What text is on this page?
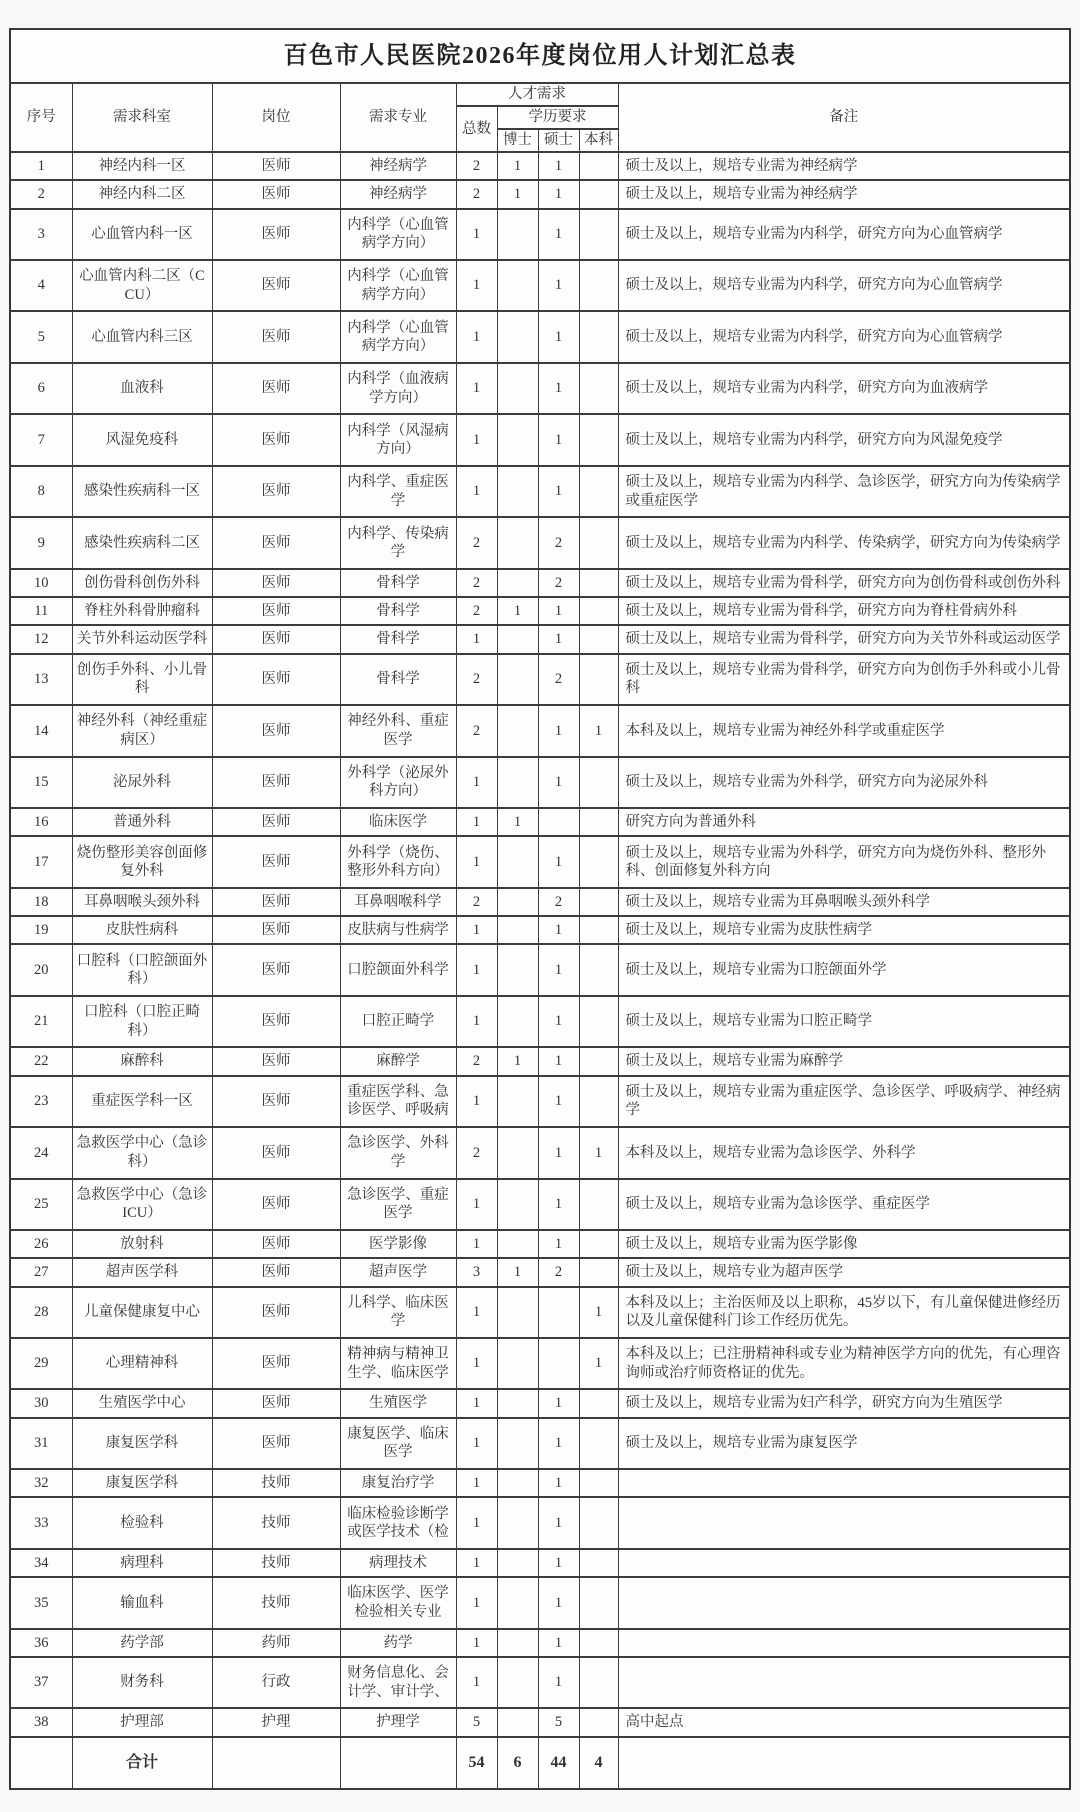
百色市人民医院2026年度岗位用人计划汇总表								
序号	需求科室	岗位	需求专业	人才需求				备注
				总数	学历要求			
					博士	硕士	本科	
1	神经内科一区	医师	神经病学	2	1	1		硕士及以上，规培专业需为神经病学
2	神经内科二区	医师	神经病学	2	1	1		硕士及以上，规培专业需为神经病学
3	心血管内科一区	医师	内科学（心血管病学方向）	1		1		硕士及以上，规培专业需为内科学，研究方向为心血管病学
4	心血管内科二区（CCU）	医师	内科学（心血管病学方向）	1		1		硕士及以上，规培专业需为内科学，研究方向为心血管病学
5	心血管内科三区	医师	内科学（心血管病学方向）	1		1		硕士及以上，规培专业需为内科学，研究方向为心血管病学
6	血液科	医师	内科学（血液病学方向）	1		1		硕士及以上，规培专业需为内科学，研究方向为血液病学
7	风湿免疫科	医师	内科学（风湿病方向）	1		1		硕士及以上，规培专业需为内科学，研究方向为风湿免疫学
8	感染性疾病科一区	医师	内科学、重症医学	1		1		硕士及以上，规培专业需为内科学、急诊医学，研究方向为传染病学或重症医学
9	感染性疾病科二区	医师	内科学、传染病学	2		2		硕士及以上，规培专业需为内科学、传染病学，研究方向为传染病学
10	创伤骨科创伤外科	医师	骨科学	2		2		硕士及以上，规培专业需为骨科学，研究方向为创伤骨科或创伤外科
11	脊柱外科骨肿瘤科	医师	骨科学	2	1	1		硕士及以上，规培专业需为骨科学，研究方向为脊柱骨病外科
12	关节外科运动医学科	医师	骨科学	1		1		硕士及以上，规培专业需为骨科学，研究方向为关节外科或运动医学
13	创伤手外科、小儿骨科	医师	骨科学	2		2		硕士及以上，规培专业需为骨科学，研究方向为创伤手外科或小儿骨科
14	神经外科（神经重症病区）	医师	神经外科、重症医学	2		1	1	本科及以上，规培专业需为神经外科学或重症医学
15	泌尿外科	医师	外科学（泌尿外科方向）	1		1		硕士及以上，规培专业需为外科学，研究方向为泌尿外科
16	普通外科	医师	临床医学	1	1			研究方向为普通外科
17	烧伤整形美容创面修复外科	医师	外科学（烧伤、整形外科方向）	1		1		硕士及以上，规培专业需为外科学，研究方向为烧伤外科、整形外科、创面修复外科方向
18	耳鼻咽喉头颈外科	医师	耳鼻咽喉科学	2		2		硕士及以上，规培专业需为耳鼻咽喉头颈外科学
19	皮肤性病科	医师	皮肤病与性病学	1		1		硕士及以上，规培专业需为皮肤性病学
20	口腔科（口腔颌面外科）	医师	口腔颌面外科学	1		1		硕士及以上，规培专业需为口腔颌面外学
21	口腔科（口腔正畸科）	医师	口腔正畸学	1		1		硕士及以上，规培专业需为口腔正畸学
22	麻醉科	医师	麻醉学	2	1	1		硕士及以上，规培专业需为麻醉学
23	重症医学科一区	医师	重症医学科、急诊医学、呼吸病	1		1		硕士及以上，规培专业需为重症医学、急诊医学、呼吸病学、神经病学
24	急救医学中心（急诊科）	医师	急诊医学、外科学	2		1	1	本科及以上，规培专业需为急诊医学、外科学
25	急救医学中心（急诊ICU）	医师	急诊医学、重症医学	1		1		硕士及以上，规培专业需为急诊医学、重症医学
26	放射科	医师	医学影像	1		1		硕士及以上，规培专业需为医学影像
27	超声医学科	医师	超声医学	3	1	2		硕士及以上，规培专业为超声医学
28	儿童保健康复中心	医师	儿科学、临床医学	1			1	本科及以上；主治医师及以上职称，45岁以下，有儿童保健进修经历以及儿童保健科门诊工作经历优先。
29	心理精神科	医师	精神病与精神卫生学、临床医学	1			1	本科及以上；已注册精神科或专业为精神医学方向的优先，有心理咨询师或治疗师资格证的优先。
30	生殖医学中心	医师	生殖医学	1		1		硕士及以上，规培专业需为妇产科学，研究方向为生殖医学
31	康复医学科	医师	康复医学、临床医学	1		1		硕士及以上，规培专业需为康复医学
32	康复医学科	技师	康复治疗学	1		1		
33	检验科	技师	临床检验诊断学或医学技术（检	1		1		
34	病理科	技师	病理技术	1		1		
35	输血科	技师	临床医学、医学检验相关专业	1		1		
36	药学部	药师	药学	1		1		
37	财务科	行政	财务信息化、会计学、审计学、	1		1		
38	护理部	护理	护理学	5		5		高中起点
	合计			54	6	44	4	
